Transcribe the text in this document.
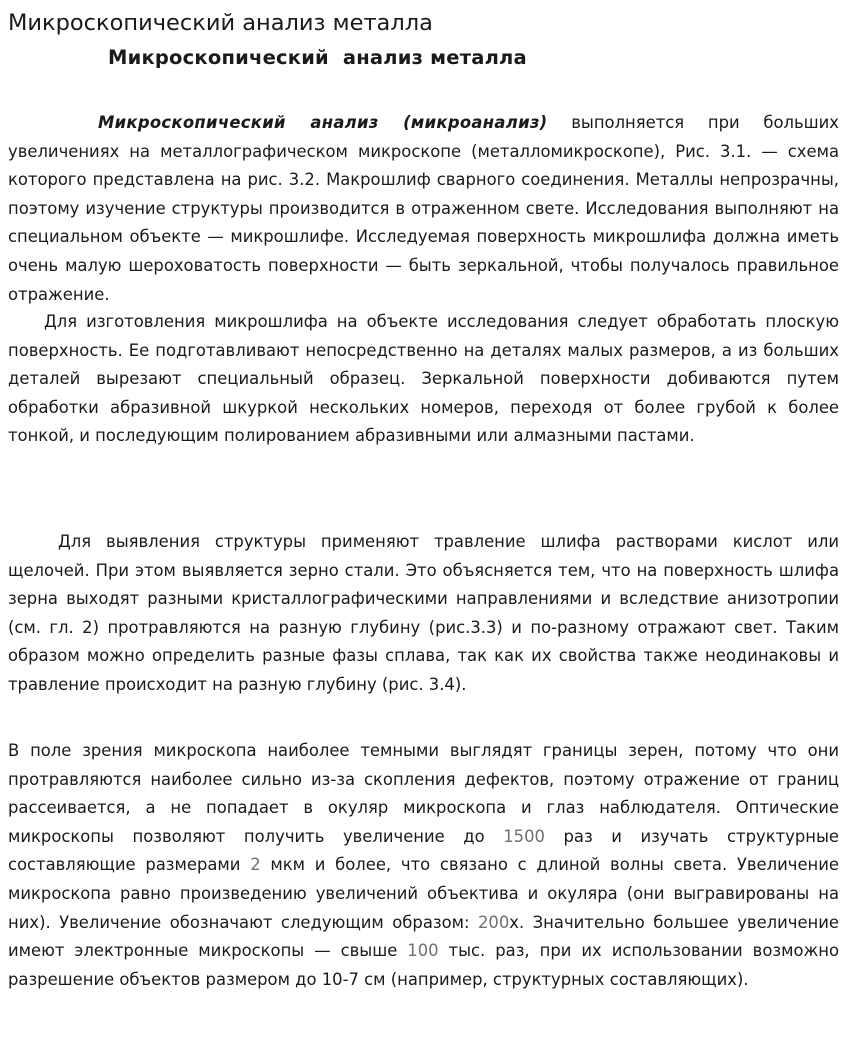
Микроскопический анализ металла
Микроскопический  анализ металла

Микроскопический анализ (микроанализ) выполняется при больших увеличениях на металлографическом микроскопе (металломикроскопе), Рис. 3.1. — схема которого представлена на рис. 3.2. Макрошлиф сварного соединения. Металлы непрозрачны, поэтому изучение структуры производится в отраженном свете. Исследования выполняют на специальном объекте — микрошлифе. Исследуемая поверхность микрошлифа должна иметь очень малую шероховатость поверхности — быть зеркальной, чтобы получалось правильное отражение.

Для изготовления микрошлифа на объекте исследования следует обработать плоскую поверхность. Ее подготавливают непосредственно на деталях малых размеров, а из больших деталей вырезают специальный образец. Зеркальной поверхности добиваются путем обработки абразивной шкуркой нескольких номеров, переходя от более грубой к более тонкой, и последующим полированием абразивными или алмазными пастами.

Для выявления структуры применяют травление шлифа растворами кислот или щелочей. При этом выявляется зерно стали. Это объясняется тем, что на поверхность шлифа зерна выходят разными кристаллографическими направлениями и вследствие анизотропии (см. гл. 2) протравляются на разную глубину (рис.3.3) и по-разному отражают свет. Таким образом можно определить разные фазы сплава, так как их свойства также неодинаковы и травление происходит на разную глубину (рис. 3.4).

В поле зрения микроскопа наиболее темными выглядят границы зерен, потому что они протравляются наиболее сильно из-за скопления дефектов, поэтому отражение от границ рассеивается, а не попадает в окуляр микроскопа и глаз наблюдателя. Оптические микроскопы позволяют получить увеличение до 1500 раз и изучать структурные составляющие размерами 2 мкм и более, что связано с длиной волны света. Увеличение микроскопа равно произведению увеличений объектива и окуляра (они выгравированы на них). Увеличение обозначают следующим образом: 200х. Значительно большее увеличение имеют электронные микроскопы — свыше 100 тыс. раз, при их использовании возможно разрешение объектов размером до 10-7 см (например, структурных составляющих).
